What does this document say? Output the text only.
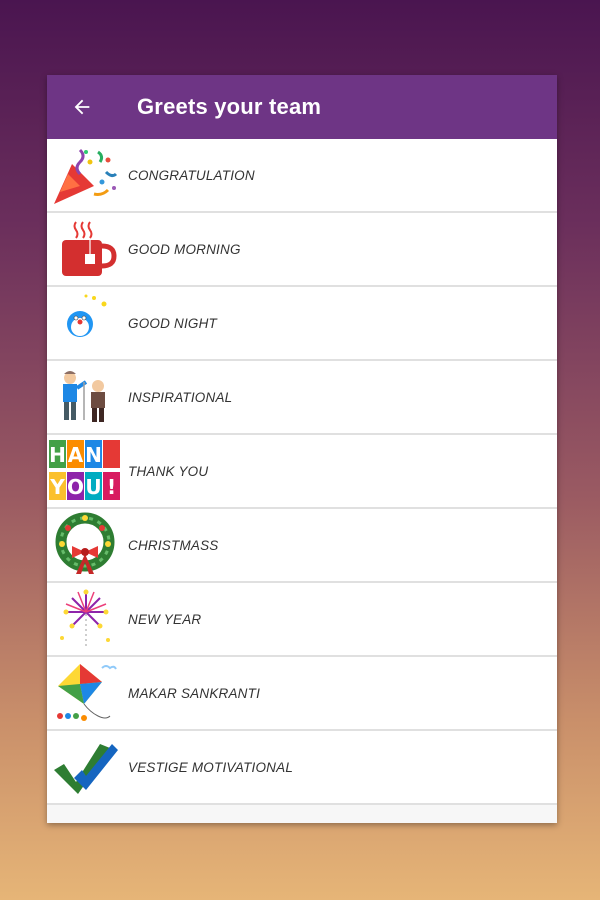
Greets your team
CONGRATULATION
GOOD MORNING
GOOD NIGHT
INSPIRATIONAL
H A N
Y O U !
THANK YOU
CHRISTMASS
NEW YEAR
MAKAR SANKRANTI
VESTIGE MOTIVATIONAL
